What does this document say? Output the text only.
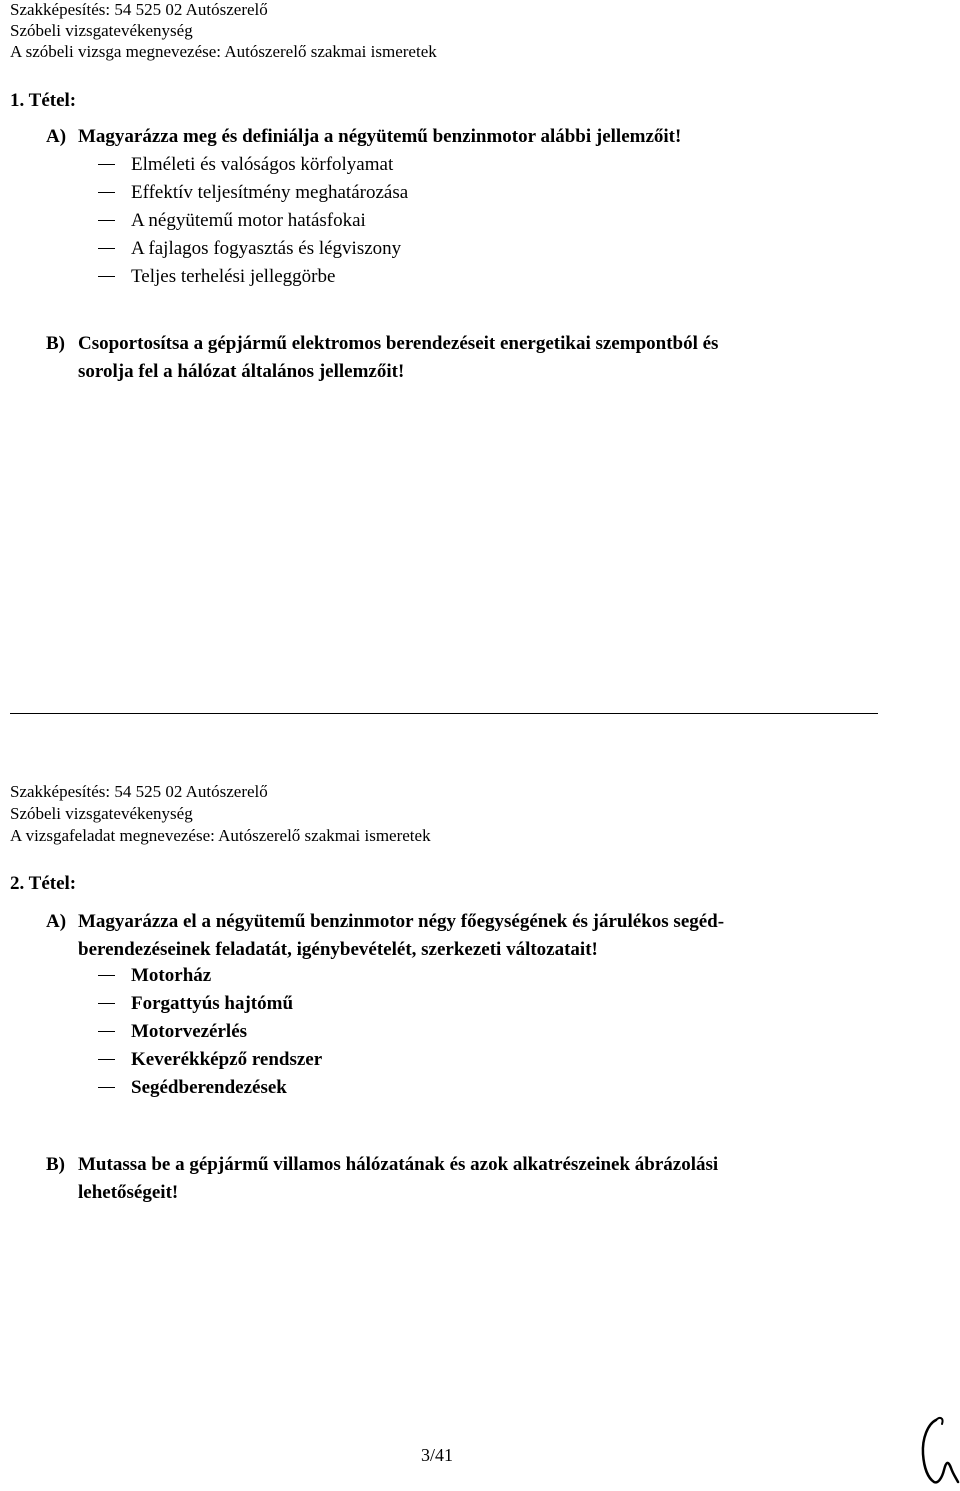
Szakképesítés: 54 525 02 Autószerelő
Szóbeli vizsgatevékenység
A szóbeli vizsga megnevezése: Autószerelő szakmai ismeretek
1. Tétel:
A) Magyarázza meg és definiálja a négyütemű benzinmotor alábbi jellemzőit!
Elméleti és valóságos körfolyamat
Effektív teljesítmény meghatározása
A négyütemű motor hatásfokai
A fajlagos fogyasztás és légviszony
Teljes terhelési jelleggörbe
B) Csoportosítsa a gépjármű elektromos berendezéseit energetikai szempontból és
sorolja fel a hálózat általános jellemzőit!
Szakképesítés: 54 525 02 Autószerelő
Szóbeli vizsgatevékenység
A vizsgafeladat megnevezése: Autószerelő szakmai ismeretek
2. Tétel:
A) Magyarázza el a négyütemű benzinmotor négy főegységének és járulékos segéd-
berendezéseinek feladatát, igénybevételét, szerkezeti változatait!
Motorház
Forgattyús hajtómű
Motorvezérlés
Keverékképző rendszer
Segédberendezések
B) Mutassa be a gépjármű villamos hálózatának és azok alkatrészeinek ábrázolási
lehetőségeit!
3/41
